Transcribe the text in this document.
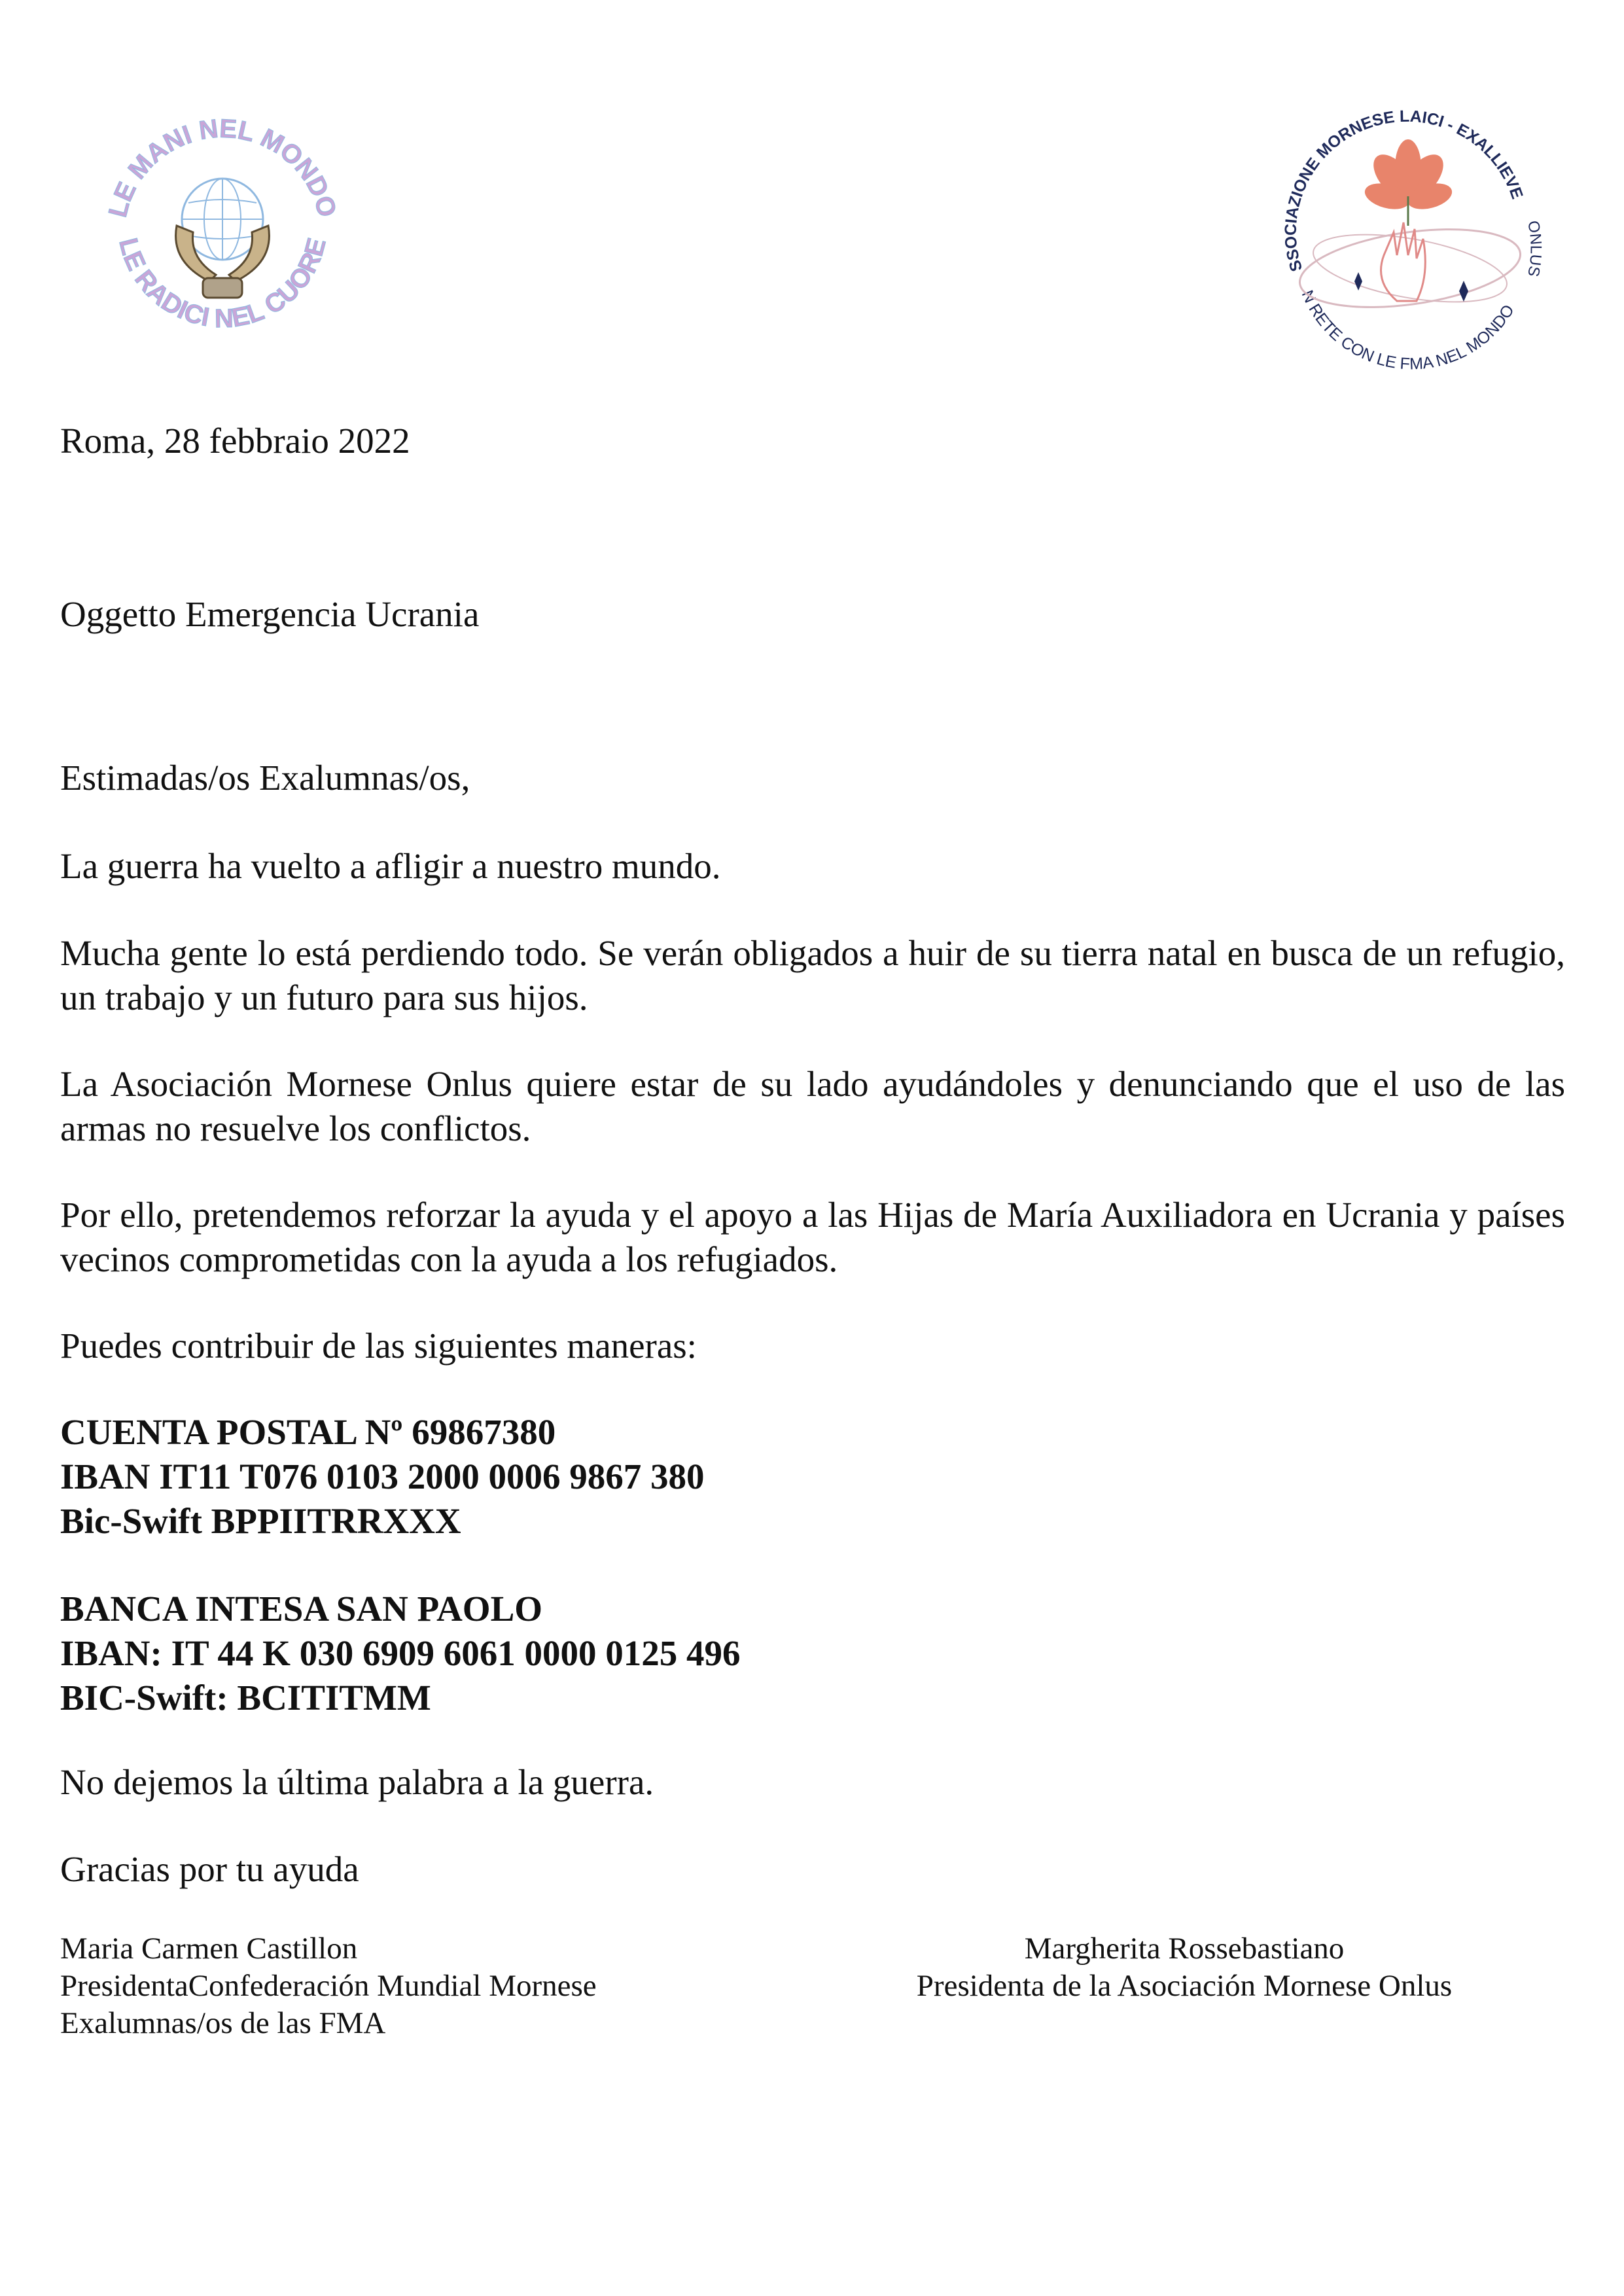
LE MANI NEL MONDO
LE RADICI NEL CUORE
SSOCIAZIONE MORNESE LAICI - EXALLIEVE
ONLUS
N RETE CON LE FMA NEL MONDO

Roma, 28 febbraio 2022

Oggetto Emergencia Ucrania

Estimadas/os Exalumnas/os,

La guerra ha vuelto a afligir a nuestro mundo.

Mucha gente lo está perdiendo todo. Se verán obligados a huir de su tierra natal en busca de un refugio, un trabajo y un futuro para sus hijos.

La Asociación Mornese Onlus quiere estar de su lado ayudándoles y denunciando que el uso de las armas no resuelve los conflictos.

Por ello, pretendemos reforzar la ayuda y el apoyo a las Hijas de María Auxiliadora en Ucrania y países vecinos comprometidas con la ayuda a los refugiados.

Puedes contribuir de las siguientes maneras:

CUENTA POSTAL Nº 69867380
IBAN IT11 T076 0103 2000 0006 9867 380
Bic-Swift BPPIITRRXXX
BANCA INTESA SAN PAOLO
IBAN: IT 44 K 030 6909 6061 0000 0125 496
BIC-Swift: BCITITMM

No dejemos la última palabra a la guerra.

Gracias por tu ayuda

Maria Carmen Castillon
PresidentaConfederación Mundial Mornese
Exalumnas/os de las FMA
Margherita Rossebastiano
Presidenta de la Asociación Mornese Onlus
